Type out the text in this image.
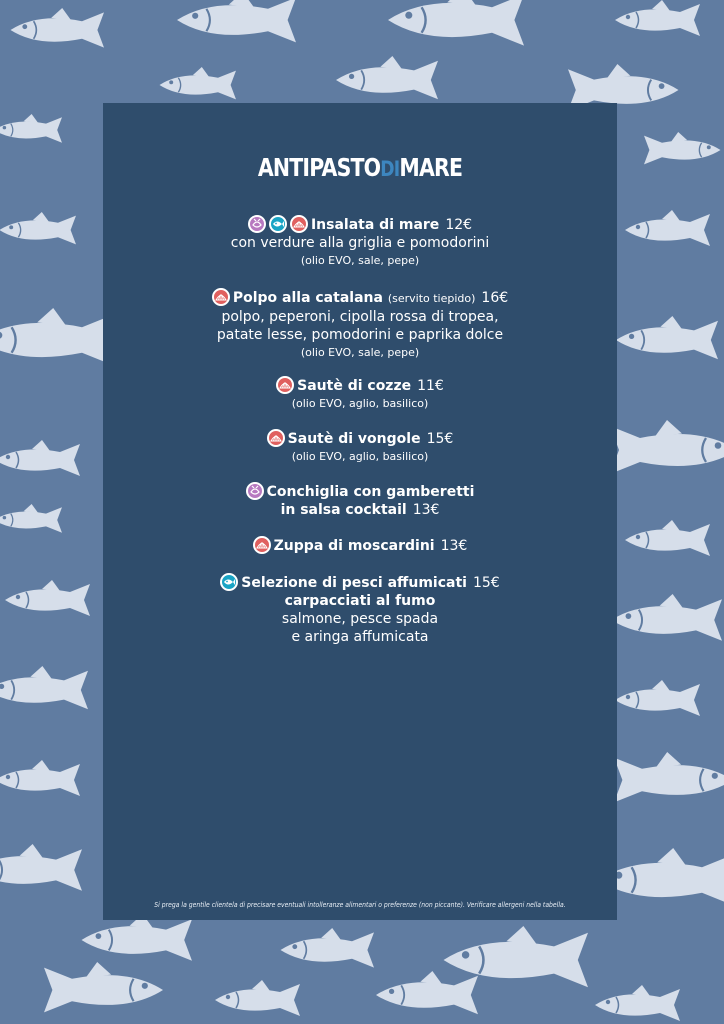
ANTIPASTODIMARE
Insalata di mare 12€
con verdure alla griglia e pomodorini
(olio EVO, sale, pepe)
Polpo alla catalana (servito tiepido) 16€
polpo, peperoni, cipolla rossa di tropea,
patate lesse, pomodorini e paprika dolce
(olio EVO, sale, pepe)
Sautè di cozze 11€
(olio EVO, aglio, basilico)
Sautè di vongole 15€
(olio EVO, aglio, basilico)
Conchiglia con gamberetti
in salsa cocktail 13€
Zuppa di moscardini 13€
Selezione di pesci affumicati 15€
carpacciati al fumo
salmone, pesce spada
e aringa affumicata
Si prega la gentile clientela di precisare eventuali intolleranze alimentari o preferenze (non piccante). Verificare allergeni nella tabella.
